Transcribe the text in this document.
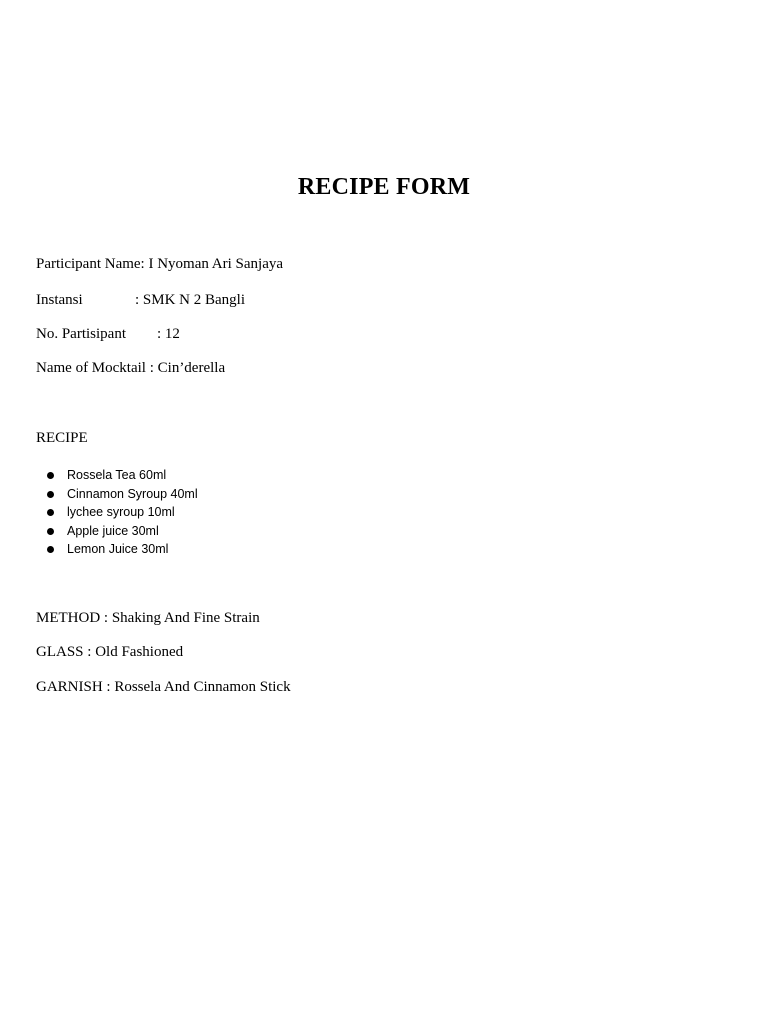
RECIPE FORM
Participant Name: I Nyoman Ari Sanjaya
Instansi	: SMK N 2 Bangli
No. Partisipant : 12
Name of Mocktail : Cin’derella
RECIPE
Rossela Tea 60ml
Cinnamon Syroup 40ml
lychee syroup 10ml
Apple juice 30ml
Lemon Juice 30ml
METHOD : Shaking And Fine Strain
GLASS : Old Fashioned
GARNISH : Rossela And Cinnamon Stick
